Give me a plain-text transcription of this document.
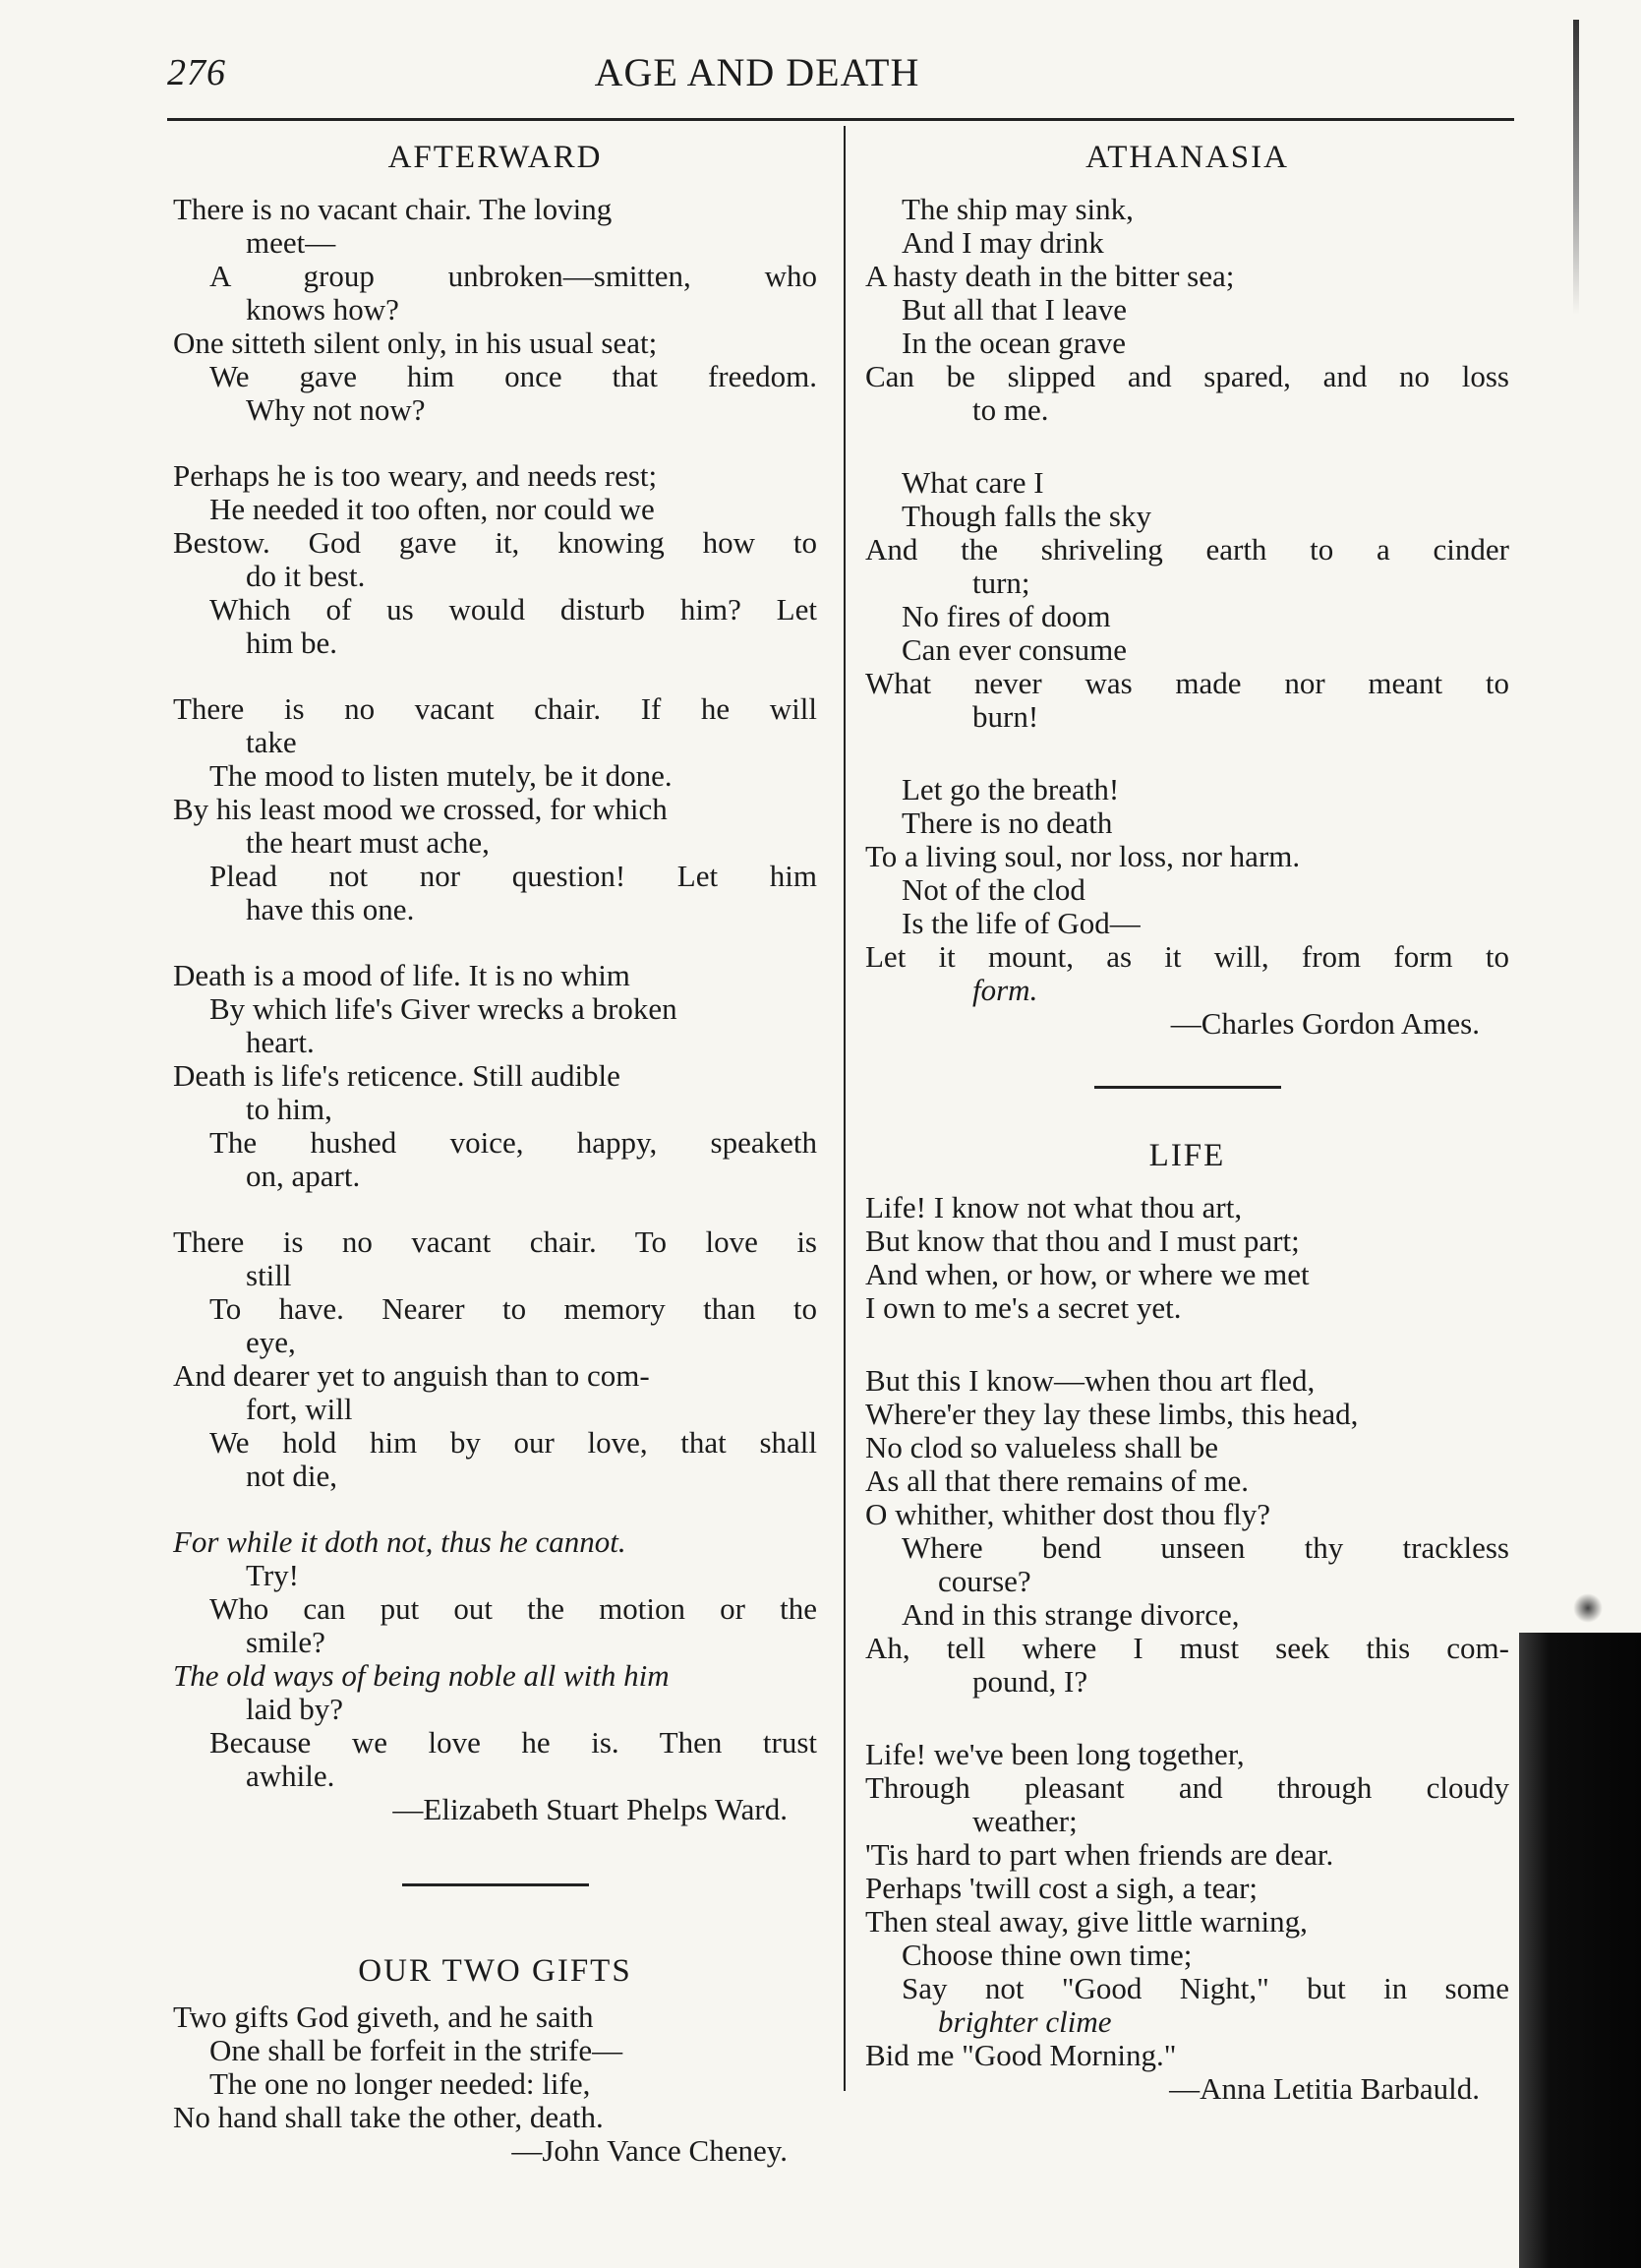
276	AGE AND DEATH
AFTERWARD
There is no vacant chair. The loving
meet—
A group unbroken—smitten, who
knows how?
One sitteth silent only, in his usual seat;
We gave him once that freedom.
Why not now?
Perhaps he is too weary, and needs rest;
He needed it too often, nor could we
Bestow. God gave it, knowing how to
do it best.
Which of us would disturb him? Let
him be.
There is no vacant chair. If he will
take
The mood to listen mutely, be it done.
By his least mood we crossed, for which
the heart must ache,
Plead not nor question! Let him
have this one.
Death is a mood of life. It is no whim
By which life's Giver wrecks a broken
heart.
Death is life's reticence. Still audible
to him,
The hushed voice, happy, speaketh
on, apart.
There is no vacant chair. To love is
still
To have. Nearer to memory than to
eye,
And dearer yet to anguish than to com-
fort, will
We hold him by our love, that shall
not die,
For while it doth not, thus he cannot.
Try!
Who can put out the motion or the
smile?
The old ways of being noble all with him
laid by?
Because we love he is. Then trust
awhile.
—Elizabeth Stuart Phelps Ward.
OUR TWO GIFTS
Two gifts God giveth, and he saith
One shall be forfeit in the strife—
The one no longer needed: life,
No hand shall take the other, death.
—John Vance Cheney.
ATHANASIA
The ship may sink,
And I may drink
A hasty death in the bitter sea;
But all that I leave
In the ocean grave
Can be slipped and spared, and no loss
to me.
What care I
Though falls the sky
And the shriveling earth to a cinder
turn;
No fires of doom
Can ever consume
What never was made nor meant to
burn!
Let go the breath!
There is no death
To a living soul, nor loss, nor harm.
Not of the clod
Is the life of God—
Let it mount, as it will, from form to
form.
—Charles Gordon Ames.
LIFE
Life! I know not what thou art,
But know that thou and I must part;
And when, or how, or where we met
I own to me's a secret yet.
But this I know—when thou art fled,
Where'er they lay these limbs, this head,
No clod so valueless shall be
As all that there remains of me.
O whither, whither dost thou fly?
Where bend unseen thy trackless
course?
And in this strange divorce,
Ah, tell where I must seek this com-
pound, I?
Life! we've been long together,
Through pleasant and through cloudy
weather;
'Tis hard to part when friends are dear.
Perhaps 'twill cost a sigh, a tear;
Then steal away, give little warning,
Choose thine own time;
Say not "Good Night," but in some
brighter clime
Bid me "Good Morning."
—Anna Letitia Barbauld.
